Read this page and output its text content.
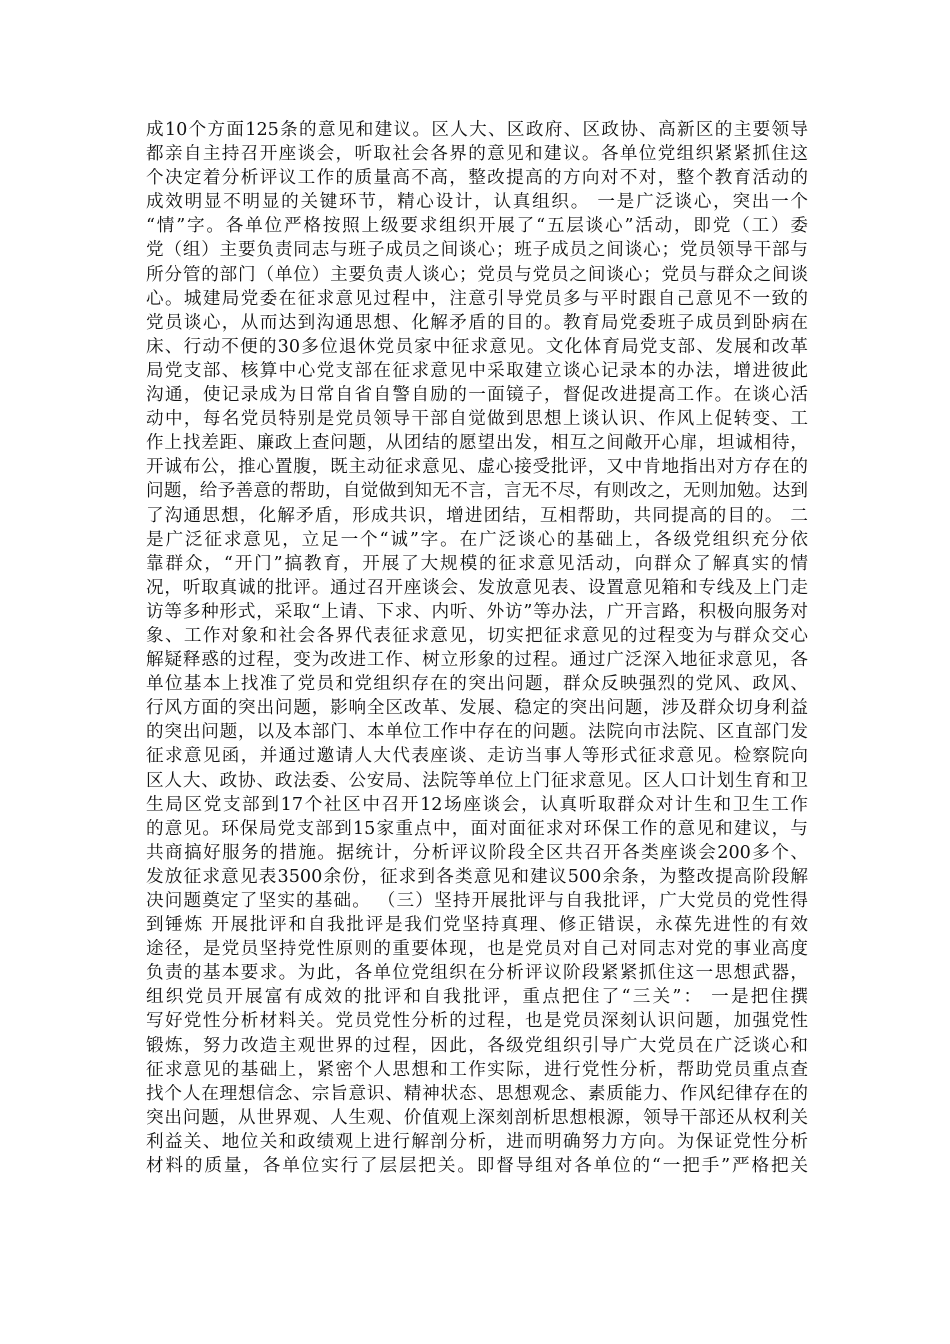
成10个方面125条的意见和建议。区人大、区政府、区政协、高新区的主要领导
都亲自主持召开座谈会，听取社会各界的意见和建议。各单位党组织紧紧抓住这
个决定着分析评议工作的质量高不高，整改提高的方向对不对，整个教育活动的
成效明显不明显的关键环节，精心设计，认真组织。 一是广泛谈心，突出一个
“情”字。各单位严格按照上级要求组织开展了“五层谈心”活动，即党（工）委
党（组）主要负责同志与班子成员之间谈心；班子成员之间谈心；党员领导干部与
所分管的部门（单位）主要负责人谈心；党员与党员之间谈心；党员与群众之间谈
心。城建局党委在征求意见过程中，注意引导党员多与平时跟自己意见不一致的
党员谈心，从而达到沟通思想、化解矛盾的目的。教育局党委班子成员到卧病在
床、行动不便的30多位退休党员家中征求意见。文化体育局党支部、发展和改革
局党支部、核算中心党支部在征求意见中采取建立谈心记录本的办法，增进彼此
沟通，使记录成为日常自省自警自励的一面镜子，督促改进提高工作。在谈心活
动中，每名党员特别是党员领导干部自觉做到思想上谈认识、作风上促转变、工
作上找差距、廉政上查问题，从团结的愿望出发，相互之间敞开心扉，坦诚相待，
开诚布公，推心置腹，既主动征求意见、虚心接受批评，又中肯地指出对方存在的
问题，给予善意的帮助，自觉做到知无不言，言无不尽，有则改之，无则加勉。达到
了沟通思想，化解矛盾，形成共识，增进团结，互相帮助，共同提高的目的。 二
是广泛征求意见，立足一个“诚”字。在广泛谈心的基础上，各级党组织充分依
靠群众，“开门”搞教育，开展了大规模的征求意见活动，向群众了解真实的情
况，听取真诚的批评。通过召开座谈会、发放意见表、设置意见箱和专线及上门走
访等多种形式，采取“上请、下求、内听、外访”等办法，广开言路，积极向服务对
象、工作对象和社会各界代表征求意见，切实把征求意见的过程变为与群众交心
解疑释惑的过程，变为改进工作、树立形象的过程。通过广泛深入地征求意见，各
单位基本上找准了党员和党组织存在的突出问题，群众反映强烈的党风、政风、
行风方面的突出问题，影响全区改革、发展、稳定的突出问题，涉及群众切身利益
的突出问题，以及本部门、本单位工作中存在的问题。法院向市法院、区直部门发
征求意见函，并通过邀请人大代表座谈、走访当事人等形式征求意见。检察院向
区人大、政协、政法委、公安局、法院等单位上门征求意见。区人口计划生育和卫
生局区党支部到17个社区中召开12场座谈会，认真听取群众对计生和卫生工作
的意见。环保局党支部到15家重点中，面对面征求对环保工作的意见和建议，与
共商搞好服务的措施。据统计，分析评议阶段全区共召开各类座谈会200多个、
发放征求意见表3500余份，征求到各类意见和建议500余条，为整改提高阶段解
决问题奠定了坚实的基础。 （三）坚持开展批评与自我批评，广大党员的党性得
到锤炼 开展批评和自我批评是我们党坚持真理、修正错误，永葆先进性的有效
途径，是党员坚持党性原则的重要体现，也是党员对自己对同志对党的事业高度
负责的基本要求。为此，各单位党组织在分析评议阶段紧紧抓住这一思想武器，
组织党员开展富有成效的批评和自我批评，重点把住了“三关”： 一是把住撰
写好党性分析材料关。党员党性分析的过程，也是党员深刻认识问题，加强党性
锻炼，努力改造主观世界的过程，因此，各级党组织引导广大党员在广泛谈心和
征求意见的基础上，紧密个人思想和工作实际，进行党性分析，帮助党员重点查
找个人在理想信念、宗旨意识、精神状态、思想观念、素质能力、作风纪律存在的
突出问题，从世界观、人生观、价值观上深刻剖析思想根源，领导干部还从权利关
利益关、地位关和政绩观上进行解剖分析，进而明确努力方向。为保证党性分析
材料的质量，各单位实行了层层把关。即督导组对各单位的“一把手”严格把关
